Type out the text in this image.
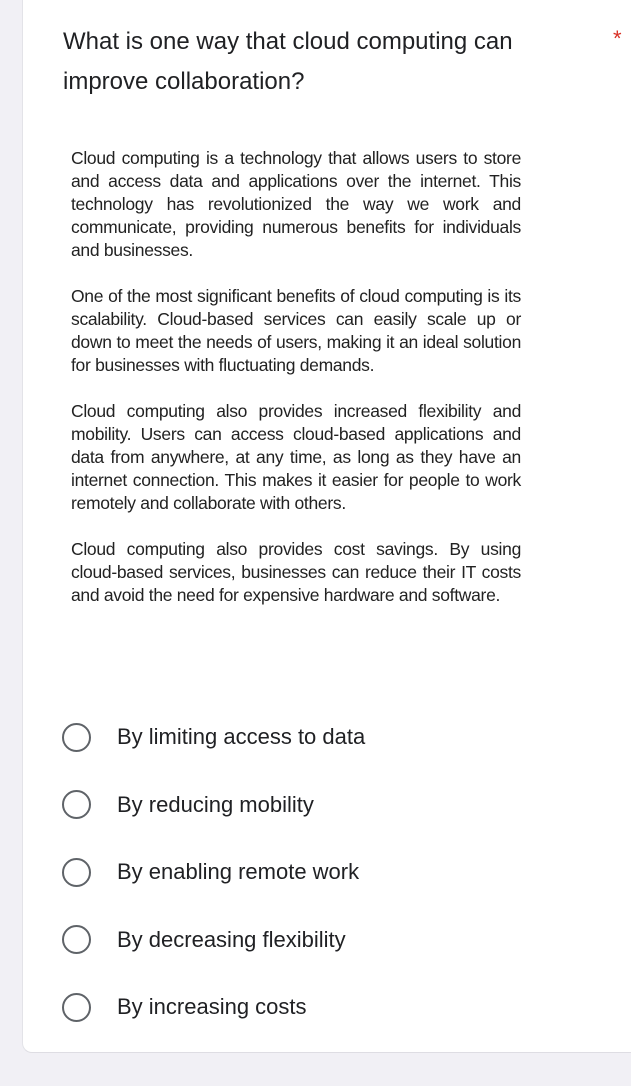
What is one way that cloud computing can improve collaboration?
*

Cloud computing is a technology that allows users to store and access data and applications over the internet. This technology has revolutionized the way we work and communicate, providing numerous benefits for individuals and businesses.

One of the most significant benefits of cloud computing is its scalability. Cloud-based services can easily scale up or down to meet the needs of users, making it an ideal solution for businesses with fluctuating demands.

Cloud computing also provides increased flexibility and mobility. Users can access cloud-based applications and data from anywhere, at any time, as long as they have an internet connection. This makes it easier for people to work remotely and collaborate with others.

Cloud computing also provides cost savings. By using cloud-based services, businesses can reduce their IT costs and avoid the need for expensive hardware and software.

By limiting access to data
By reducing mobility
By enabling remote work
By decreasing flexibility
By increasing costs
